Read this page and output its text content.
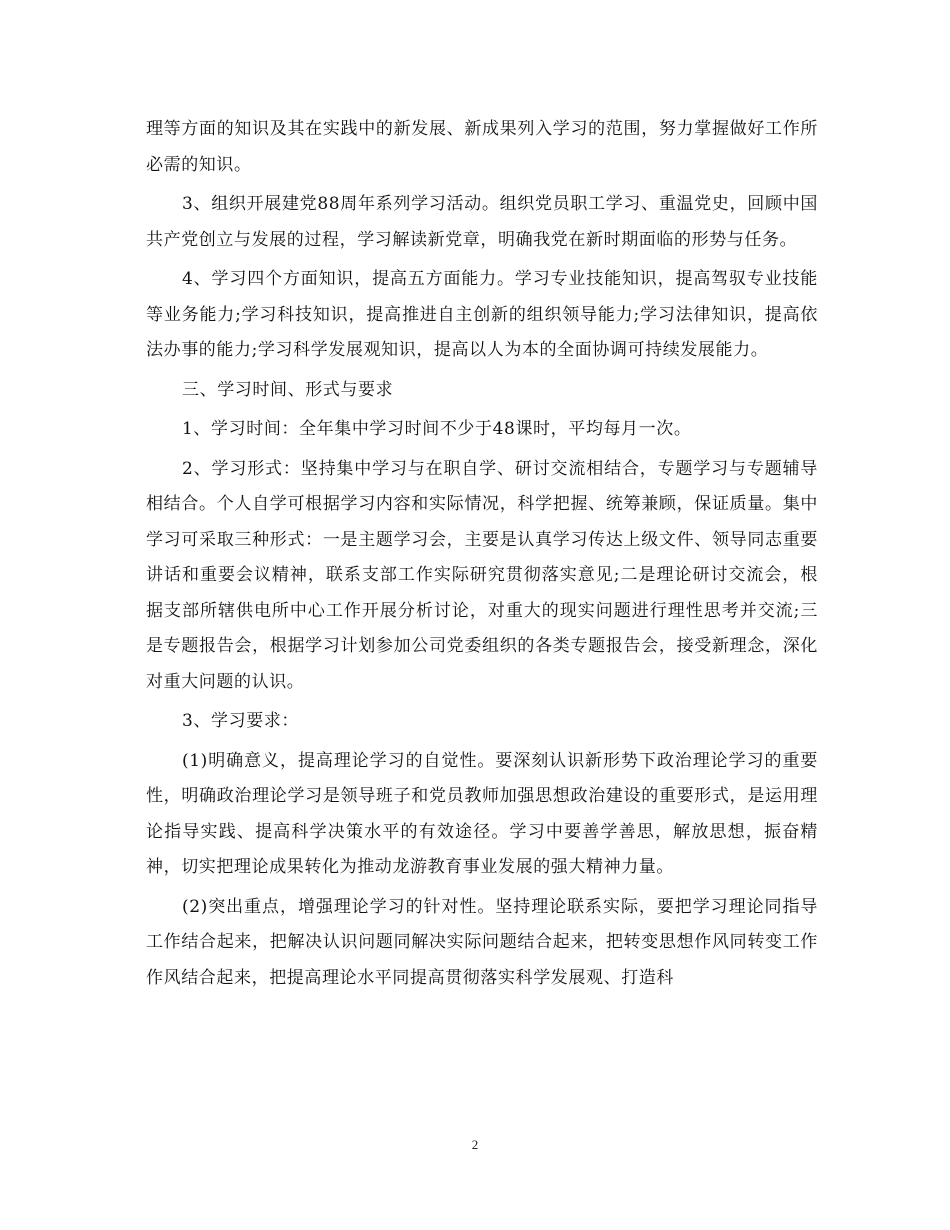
理等方面的知识及其在实践中的新发展、新成果列入学习的范围，努力掌握做好工作所必需的知识。

3、组织开展建党88周年系列学习活动。组织党员职工学习、重温党史，回顾中国共产党创立与发展的过程，学习解读新党章，明确我党在新时期面临的形势与任务。

4、学习四个方面知识，提高五方面能力。学习专业技能知识，提高驾驭专业技能等业务能力;学习科技知识，提高推进自主创新的组织领导能力;学习法律知识，提高依法办事的能力;学习科学发展观知识，提高以人为本的全面协调可持续发展能力。

三、学习时间、形式与要求

1、学习时间：全年集中学习时间不少于48课时，平均每月一次。

2、学习形式：坚持集中学习与在职自学、研讨交流相结合，专题学习与专题辅导相结合。个人自学可根据学习内容和实际情况，科学把握、统筹兼顾，保证质量。集中学习可采取三种形式：一是主题学习会，主要是认真学习传达上级文件、领导同志重要讲话和重要会议精神，联系支部工作实际研究贯彻落实意见;二是理论研讨交流会，根据支部所辖供电所中心工作开展分析讨论，对重大的现实问题进行理性思考并交流;三是专题报告会，根据学习计划参加公司党委组织的各类专题报告会，接受新理念，深化对重大问题的认识。

3、学习要求：

(1)明确意义，提高理论学习的自觉性。要深刻认识新形势下政治理论学习的重要性，明确政治理论学习是领导班子和党员教师加强思想政治建设的重要形式，是运用理论指导实践、提高科学决策水平的有效途径。学习中要善学善思，解放思想，振奋精神，切实把理论成果转化为推动龙游教育事业发展的强大精神力量。

(2)突出重点，增强理论学习的针对性。坚持理论联系实际，要把学习理论同指导工作结合起来，把解决认识问题同解决实际问题结合起来，把转变思想作风同转变工作作风结合起来，把提高理论水平同提高贯彻落实科学发展观、打造科

2
